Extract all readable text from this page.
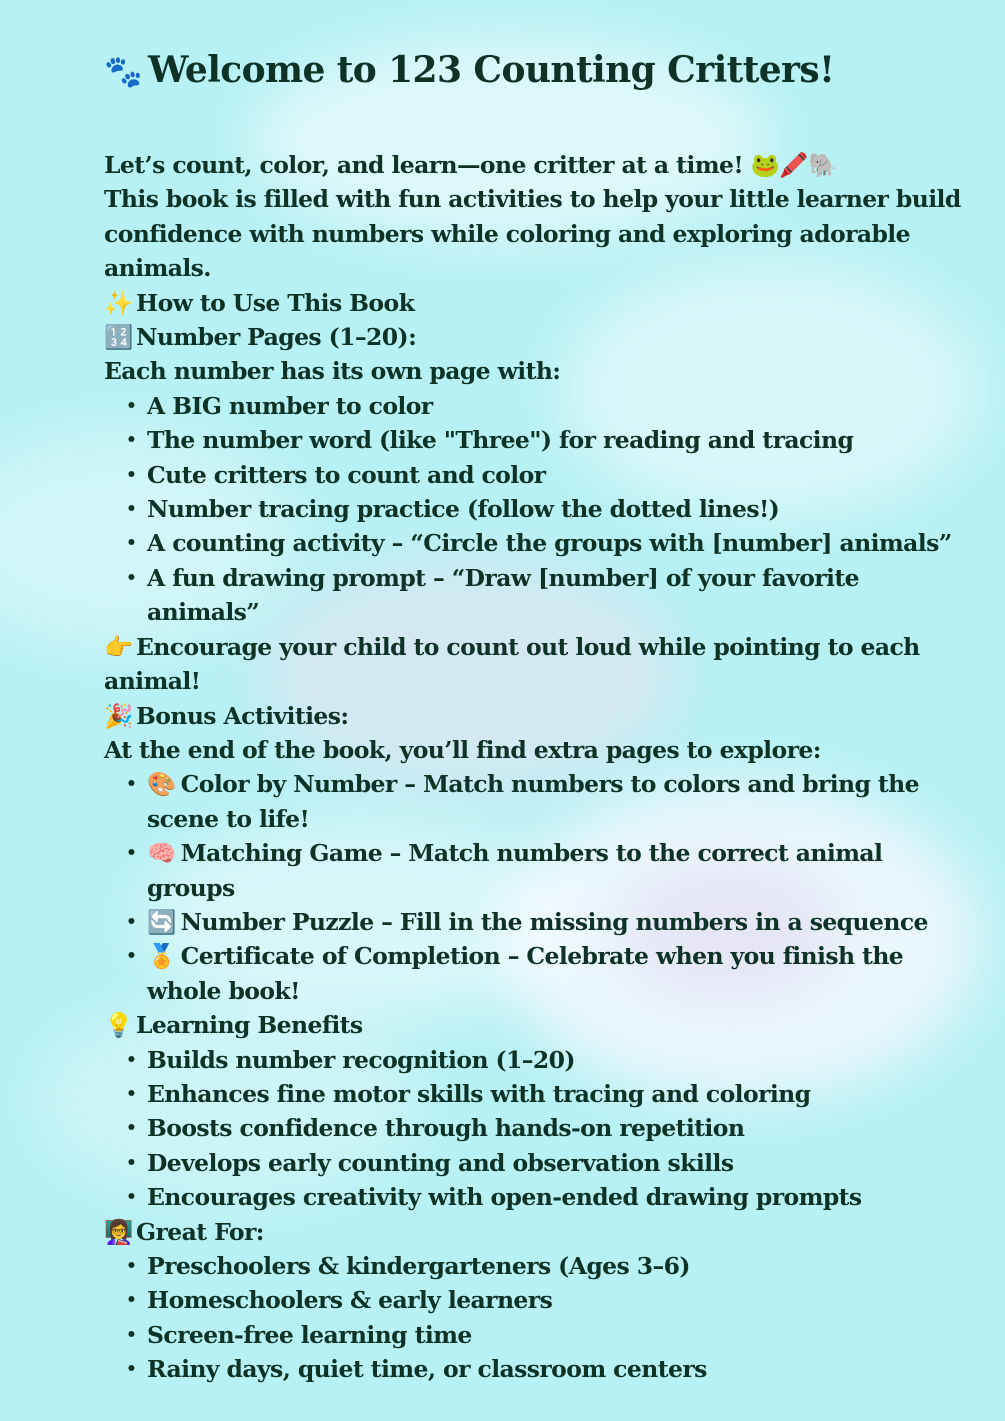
🐾 Welcome to 123 Counting Critters!
Let’s count, color, and learn—one critter at a time! 🐸🖍️🐘
This book is filled with fun activities to help your little learner build confidence with numbers while coloring and exploring adorable animals.
✨ How to Use This Book
🔢 Number Pages (1–20):
Each number has its own page with:
• A BIG number to color
• The number word (like "Three") for reading and tracing
• Cute critters to count and color
• Number tracing practice (follow the dotted lines!)
• A counting activity – “Circle the groups with [number] animals”
• A fun drawing prompt – “Draw [number] of your favorite animals”
👉 Encourage your child to count out loud while pointing to each animal!
🎉 Bonus Activities:
At the end of the book, you’ll find extra pages to explore:
• 🎨 Color by Number – Match numbers to colors and bring the scene to life!
• 🧠 Matching Game – Match numbers to the correct animal groups
• 🔄 Number Puzzle – Fill in the missing numbers in a sequence
• 🏅 Certificate of Completion – Celebrate when you finish the whole book!
💡 Learning Benefits
• Builds number recognition (1–20)
• Enhances fine motor skills with tracing and coloring
• Boosts confidence through hands-on repetition
• Develops early counting and observation skills
• Encourages creativity with open-ended drawing prompts
👩‍🏫 Great For:
• Preschoolers & kindergarteners (Ages 3–6)
• Homeschoolers & early learners
• Screen-free learning time
• Rainy days, quiet time, or classroom centers
